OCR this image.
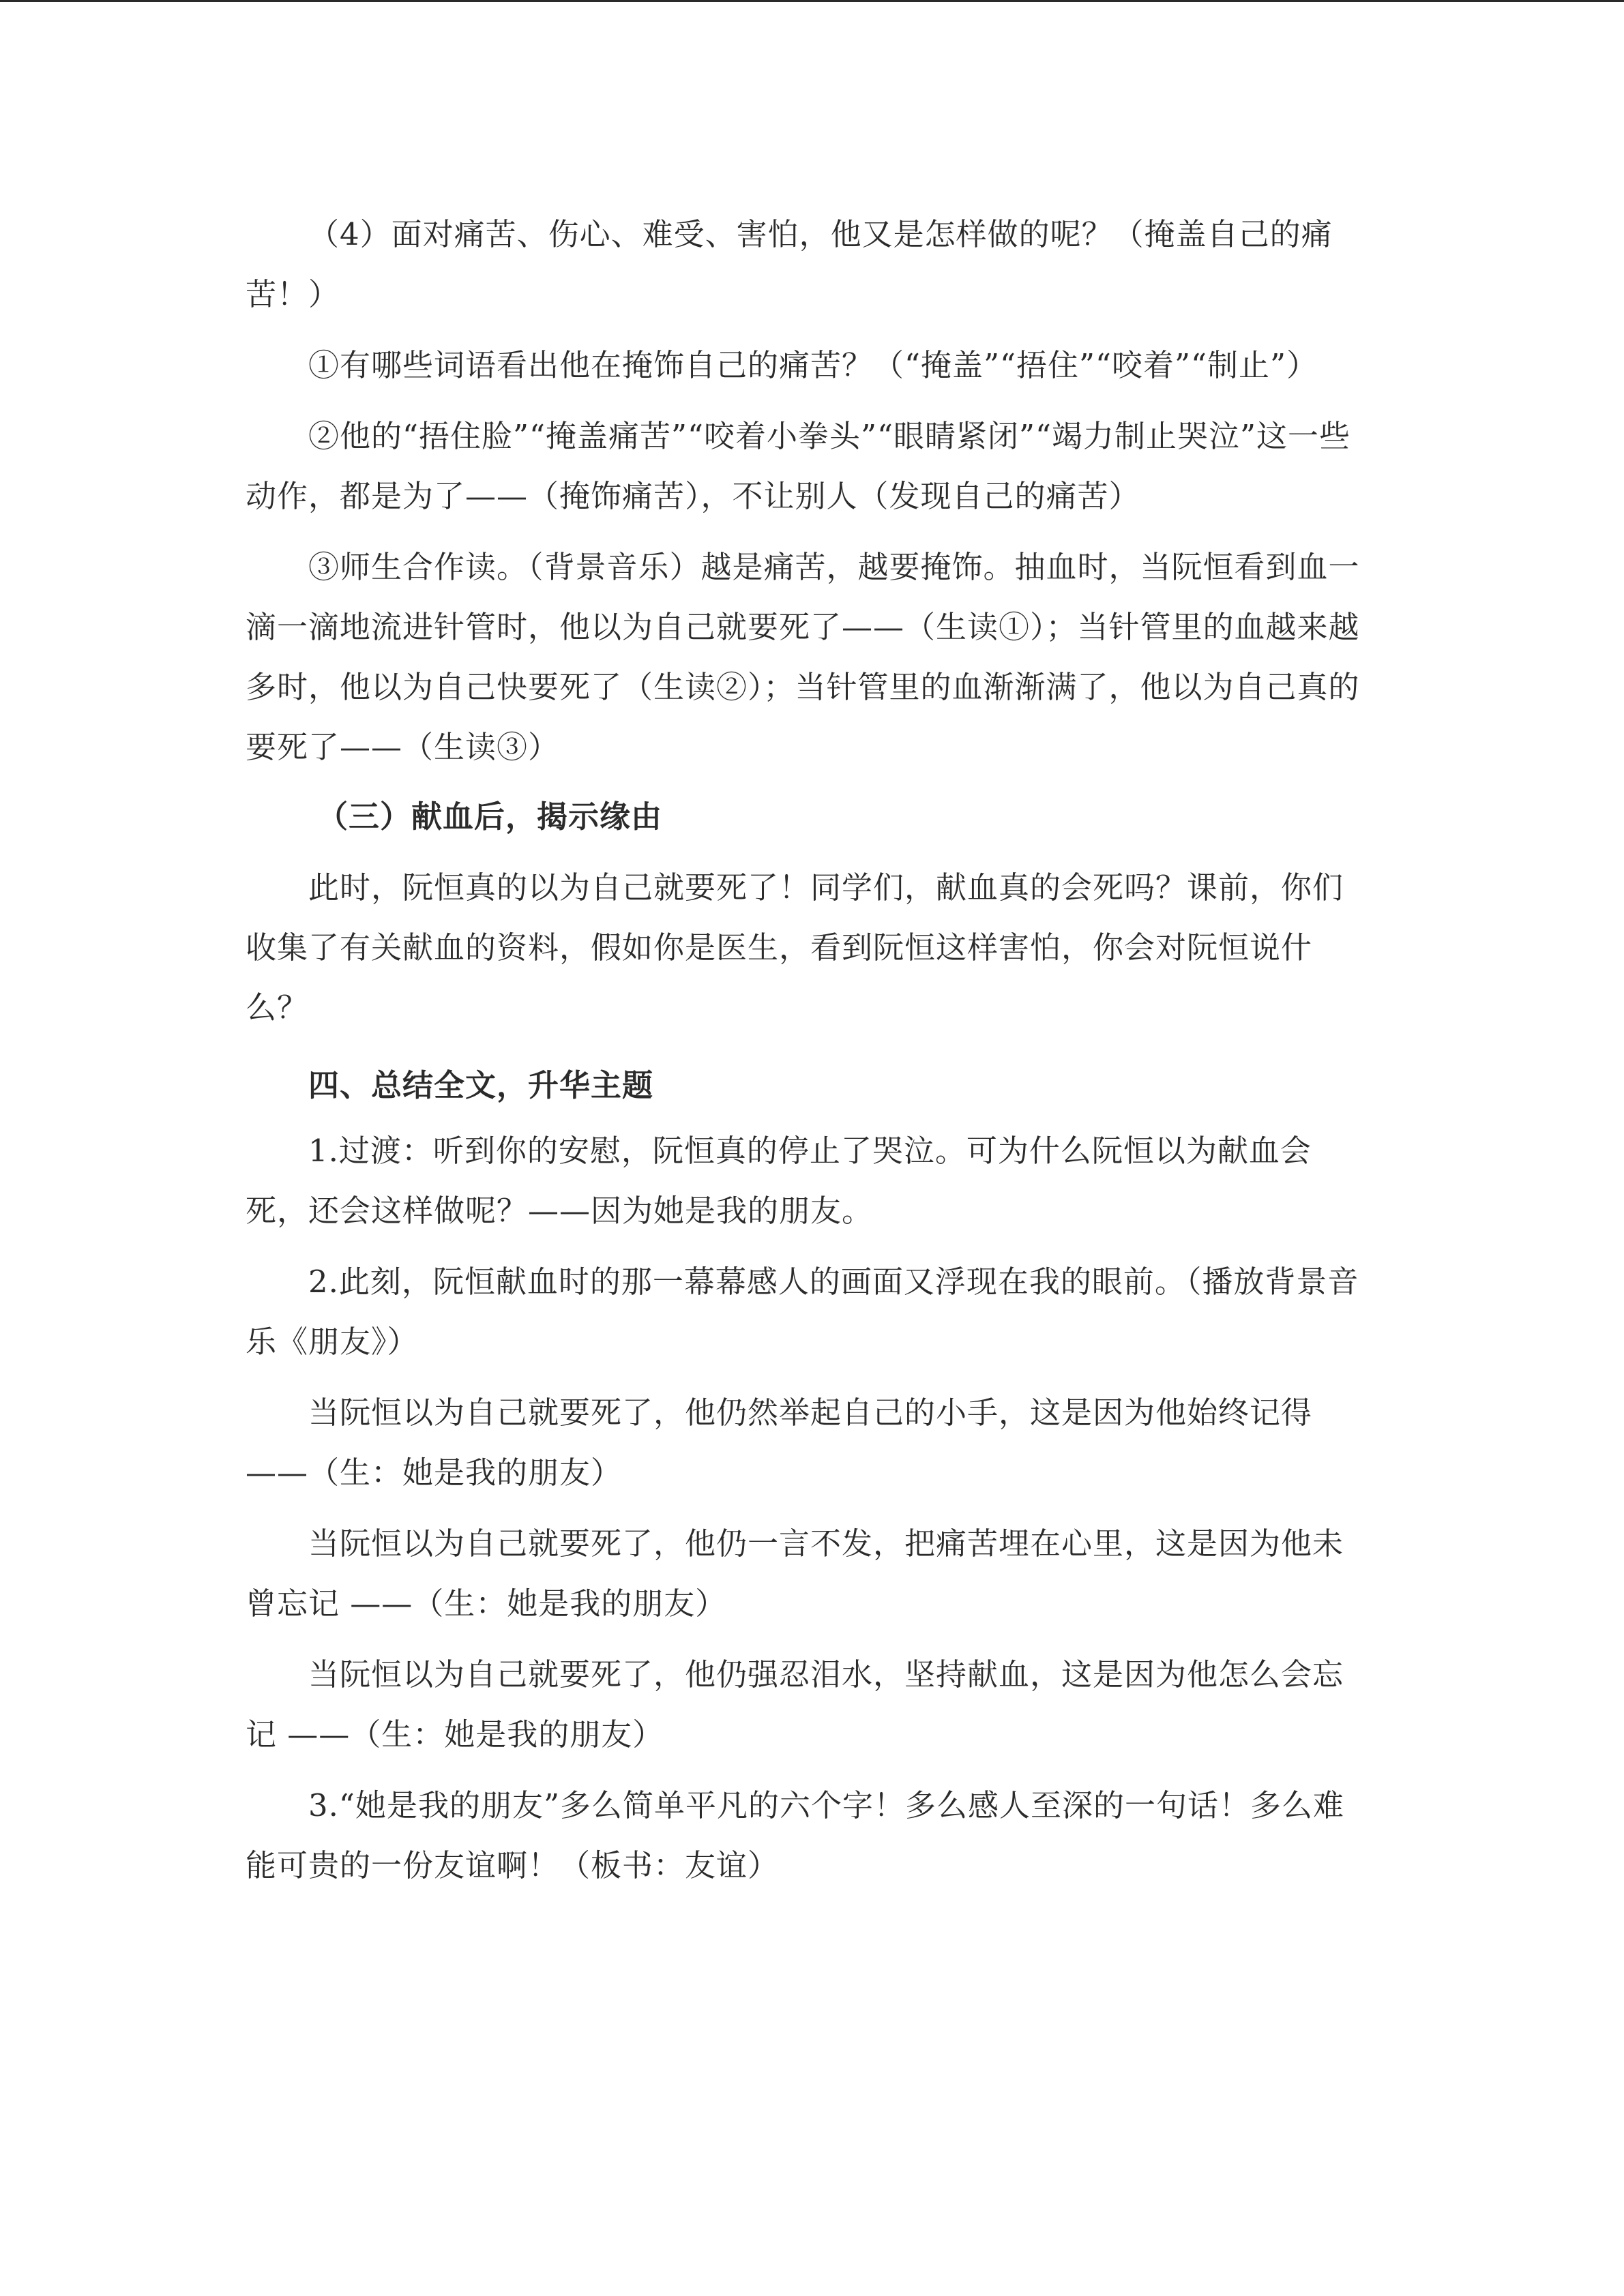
（4）面对痛苦、伤心、难受、害怕，他又是怎样做的呢？（掩盖自己的痛苦！）

①有哪些词语看出他在掩饰自己的痛苦？（“掩盖”“捂住”“咬着”“制止”）

②他的“捂住脸”“掩盖痛苦”“咬着小拳头”“眼睛紧闭”“竭力制止哭泣”这一些动作，都是为了——（掩饰痛苦），不让别人（发现自己的痛苦）

③师生合作读。（背景音乐）越是痛苦，越要掩饰。抽血时，当阮恒看到血一滴一滴地流进针管时，他以为自己就要死了——（生读①）；当针管里的血越来越多时，他以为自己快要死了（生读②）；当针管里的血渐渐满了，他以为自己真的要死了——（生读③）

（三）献血后，揭示缘由

此时，阮恒真的以为自己就要死了！同学们，献血真的会死吗？课前，你们收集了有关献血的资料，假如你是医生，看到阮恒这样害怕，你会对阮恒说什么？

四、总结全文，升华主题

1.过渡：听到你的安慰，阮恒真的停止了哭泣。可为什么阮恒以为献血会死，还会这样做呢？——因为她是我的朋友。

2.此刻，阮恒献血时的那一幕幕感人的画面又浮现在我的眼前。（播放背景音乐《朋友》）

当阮恒以为自己就要死了，他仍然举起自己的小手，这是因为他始终记得——（生：她是我的朋友）

当阮恒以为自己就要死了，他仍一言不发，把痛苦埋在心里，这是因为他未曾忘记 ——（生：她是我的朋友）

当阮恒以为自己就要死了，他仍强忍泪水，坚持献血，这是因为他怎么会忘记 ——（生：她是我的朋友）

3.“她是我的朋友”多么简单平凡的六个字！多么感人至深的一句话！多么难能可贵的一份友谊啊！（板书：友谊）
